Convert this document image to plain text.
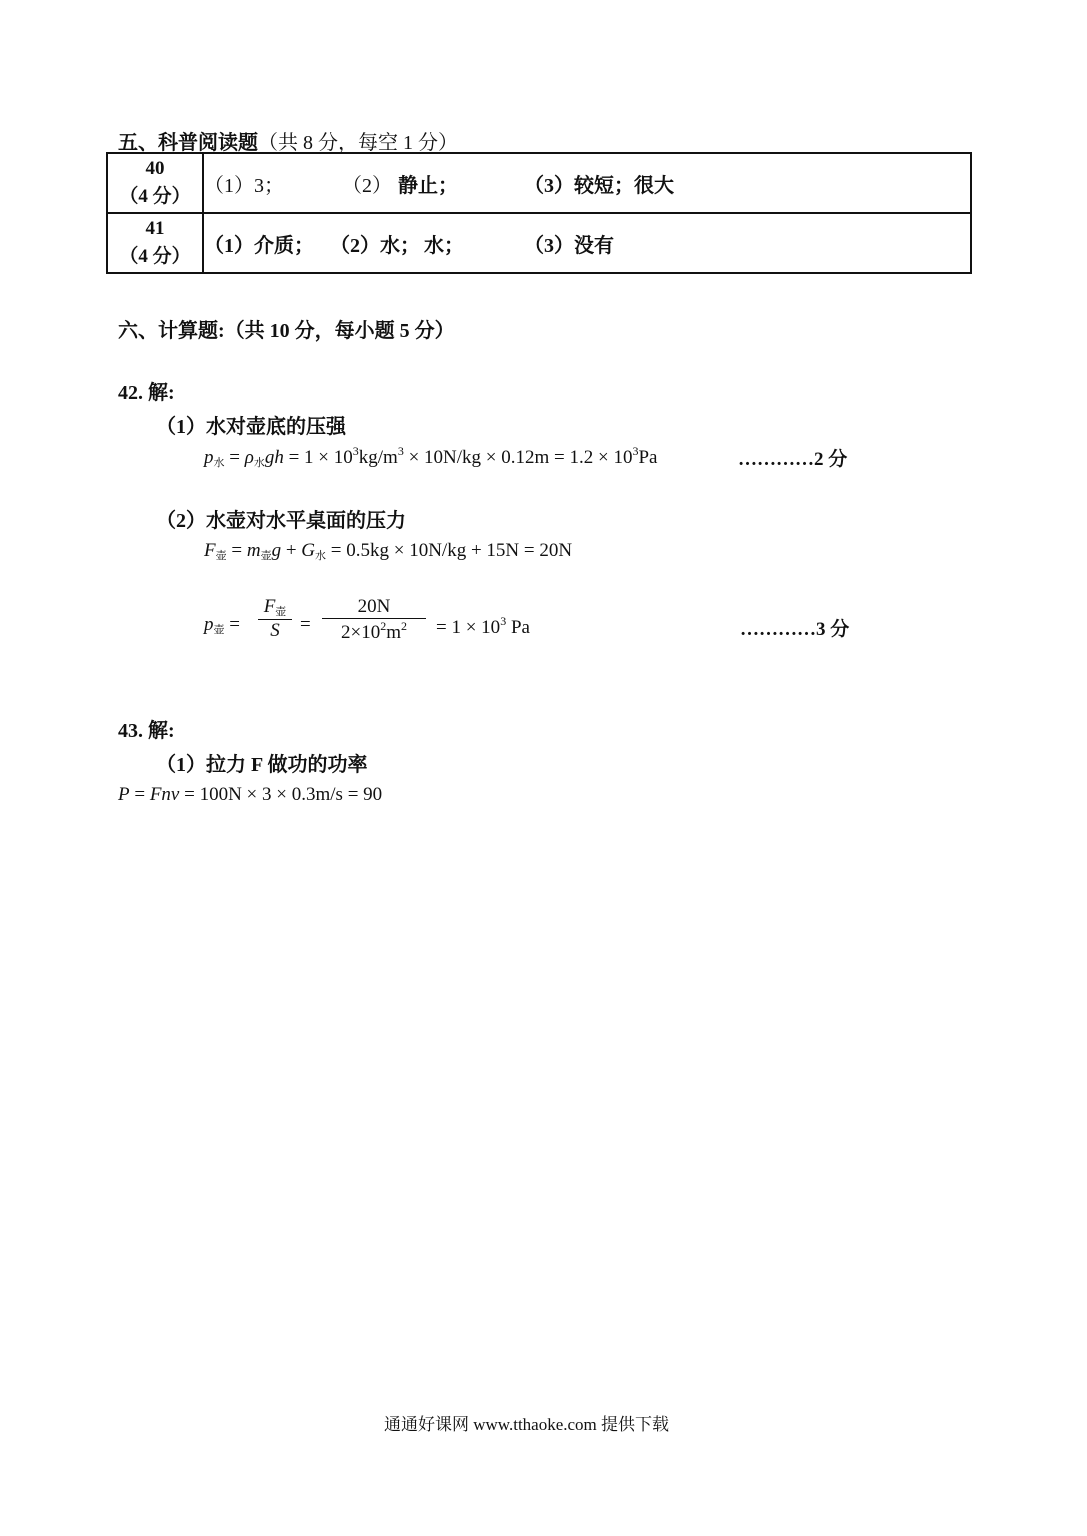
五、科普阅读题（共 8 分，每空 1 分）
40
（4 分）	（1）3； （2） 静止； （3）较短；很大

41
（4 分）	（1）介质； （2）水； 水； （3）没有
六、计算题:（共 10 分，每小题 5 分）
42. 解:
（1）水对壶底的压强
$p_水 = \rho_水gh = 1 \times 10^3kg/m^3 \times 10N/kg \times 0.12m = 1.2 \times 10^3Pa$	…………2 分
（2）水壶对水平桌面的压力
$F_壶 = m_壶g + G_水 = 0.5kg \times 10N/kg + 15N = 20N$
$p_壶$ =
$F_壶$
S	=
20N
$2\times 10^2m^2$	= $1 \times 10^3$ Pa	…………3 分
43. 解:
（1）拉力 F 做功的功率
P = Fnv = 100N × 3 × 0.3m/s = 90
通通好课网 www.tthaoke.com 提供下载
